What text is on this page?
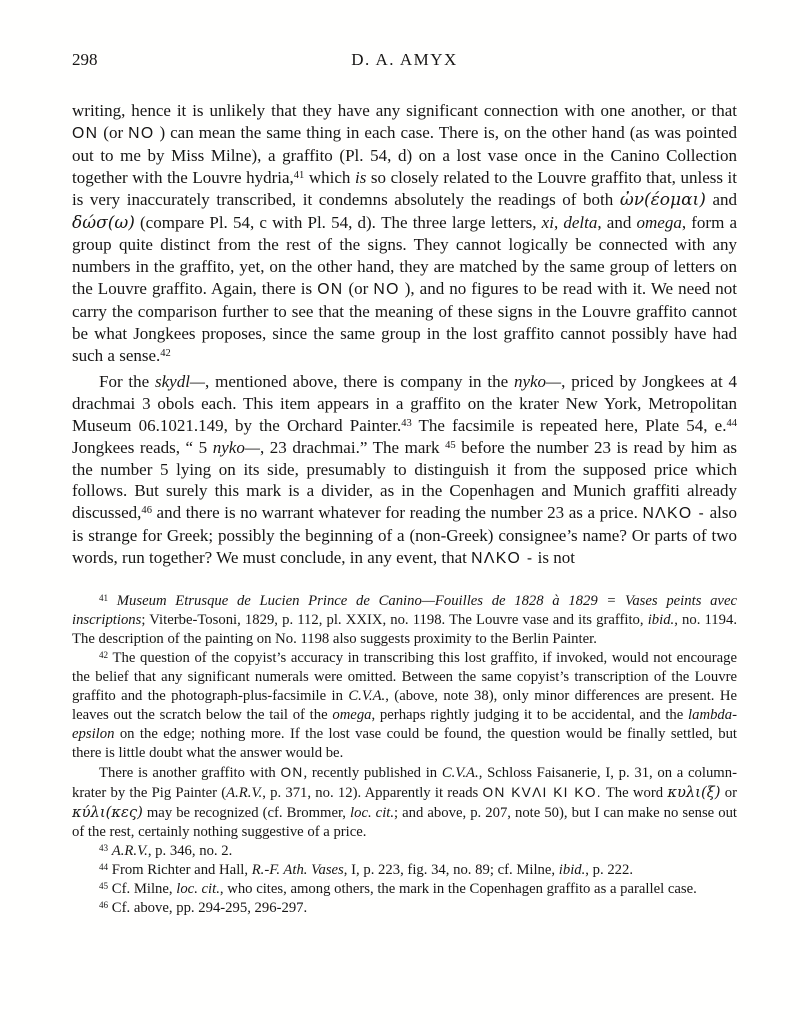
298	D. A. AMYX

writing, hence it is unlikely that they have any significant connection with one another, or that ON (or NO ) can mean the same thing in each case. There is, on the other hand (as was pointed out to me by Miss Milne), a graffito (Pl. 54, d) on a lost vase once in the Canino Collection together with the Louvre hydria,$^{41}$ which is so closely related to the Louvre graffito that, unless it is very inaccurately transcribed, it condemns absolutely the readings of both ὠν(έομαι) and δώσ(ω) (compare Pl. 54, c with Pl. 54, d). The three large letters, xi, delta, and omega, form a group quite distinct from the rest of the signs. They cannot logically be connected with any numbers in the graffito, yet, on the other hand, they are matched by the same group of letters on the Louvre graffito. Again, there is ON (or NO ), and no figures to be read with it. We need not carry the comparison further to see that the meaning of these signs in the Louvre graffito cannot be what Jongkees proposes, since the same group in the lost graffito cannot possibly have had such a sense.$^{42}$

For the skydl—, mentioned above, there is company in the nyko—, priced by Jongkees at 4 drachmai 3 obols each. This item appears in a graffito on the krater New York, Metropolitan Museum 06.1021.149, by the Orchard Painter.$^{43}$ The facsimile is repeated here, Plate 54, e.$^{44}$ Jongkees reads, “ 5 nyko—, 23 drachmai.” The mark $^{45}$ before the number 23 is read by him as the number 5 lying on its side, presumably to distinguish it from the supposed price which follows. But surely this mark is a divider, as in the Copenhagen and Munich graffiti already discussed,$^{46}$ and there is no warrant whatever for reading the number 23 as a price. NΛKO - also is strange for Greek; possibly the beginning of a (non-Greek) consignee’s name? Or parts of two words, run together? We must conclude, in any event, that NΛKO - is not

$^{41}$ Museum Etrusque de Lucien Prince de Canino—Fouilles de 1828 à 1829 = Vases peints avec inscriptions; Viterbe-Tosoni, 1829, p. 112, pl. XXIX, no. 1198. The Louvre vase and its graffito, ibid., no. 1194. The description of the painting on No. 1198 also suggests proximity to the Berlin Painter.

$^{42}$ The question of the copyist’s accuracy in transcribing this lost graffito, if invoked, would not encourage the belief that any significant numerals were omitted. Between the same copyist’s transcription of the Louvre graffito and the photograph-plus-facsimile in C.V.A., (above, note 38), only minor differences are present. He leaves out the scratch below the tail of the omega, perhaps rightly judging it to be accidental, and the lambda-epsilon on the edge; nothing more. If the lost vase could be found, the question would be finally settled, but there is little doubt what the answer would be.

There is another graffito with ON, recently published in C.V.A., Schloss Faisanerie, I, p. 31, on a column-krater by the Pig Painter (A.R.V., p. 371, no. 12). Apparently it reads ON KVΛI KI KO. The word κυλι(ξ) or κύλι(κες) may be recognized (cf. Brommer, loc. cit.; and above, p. 207, note 50), but I can make no sense out of the rest, certainly nothing suggestive of a price.

$^{43}$ A.R.V., p. 346, no. 2.

$^{44}$ From Richter and Hall, R.-F. Ath. Vases, I, p. 223, fig. 34, no. 89; cf. Milne, ibid., p. 222.

$^{45}$ Cf. Milne, loc. cit., who cites, among others, the mark in the Copenhagen graffito as a parallel case.

$^{46}$ Cf. above, pp. 294-295, 296-297.
